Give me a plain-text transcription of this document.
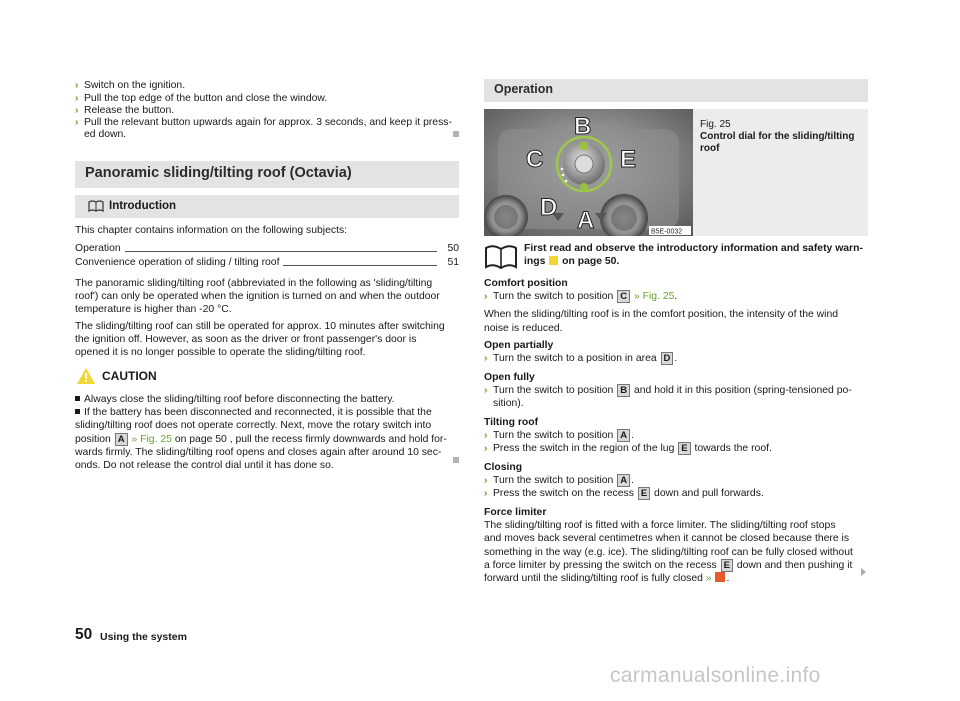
› Switch on the ignition.
› Pull the top edge of the button and close the window.
› Release the button.
› Pull the relevant button upwards again for approx. 3 seconds, and keep it press-
ed down.
Panoramic sliding/tilting roof (Octavia)
Introduction
This chapter contains information on the following subjects:
Operation	50
Convenience operation of sliding / tilting roof	51
The panoramic sliding/tilting roof (abbreviated in the following as 'sliding/tilting
roof') can only be operated when the ignition is turned on and when the outdoor
temperature is higher than -20 °C.
The sliding/tilting roof can still be operated for approx. 10 minutes after switching
the ignition off. However, as soon as the driver or front passenger's door is
opened it is no longer possible to operate the sliding/tilting roof.
CAUTION
Always close the sliding/tilting roof before disconnecting the battery.
If the battery has been disconnected and reconnected, it is possible that the
sliding/tilting roof does not operate correctly. Next, move the rotary switch into
position A » Fig. 25 on page 50 , pull the recess firmly downwards and hold for-
wards firmly. The sliding/tilting roof opens and closes again after around 10 sec-
onds. Do not release the control dial until it has done so.
Operation
B
C	E
D A	B5E-0032
Fig. 25
Control dial for the sliding/tilting
roof
First read and observe the introductory information and safety warn-
ings on page 50.
Comfort position
› Turn the switch to position C » Fig. 25.
When the sliding/tilting roof is in the comfort position, the intensity of the wind
noise is reduced.
Open partially
› Turn the switch to a position in area D .
Open fully
› Turn the switch to position B and hold it in this position (spring-tensioned po-
sition).
Tilting roof
› Turn the switch to position A .
› Press the switch in the region of the lug E towards the roof.
Closing
› Turn the switch to position A .
› Press the switch on the recess E down and pull forwards.
Force limiter
The sliding/tilting roof is fitted with a force limiter. The sliding/tilting roof stops
and moves back several centimetres when it cannot be closed because there is
something in the way (e.g. ice). The sliding/tilting roof can be fully closed without
a force limiter by pressing the switch on the recess E down and then pushing it
forward until the sliding/tilting roof is fully closed » .
50 Using the system
carmanualsonline.info
